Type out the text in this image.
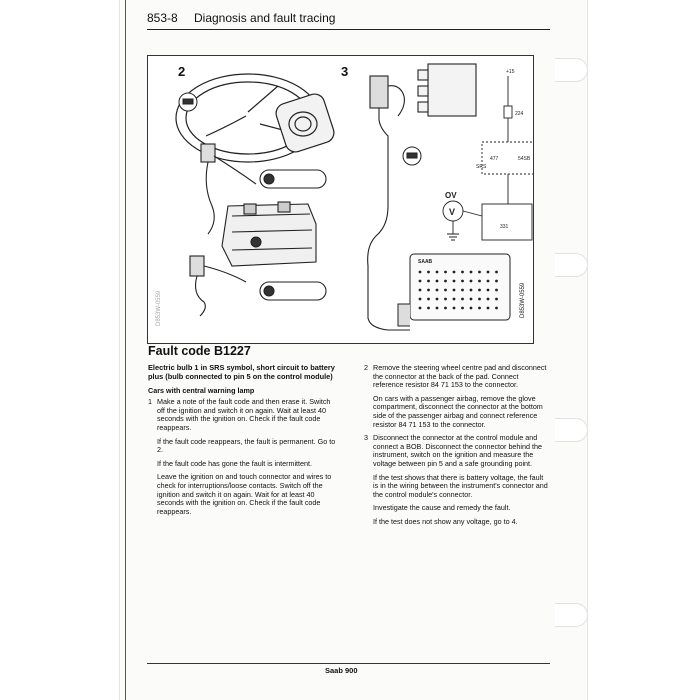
853-8 Diagnosis and fault tracing
2	3	+15
224
SRS
477	54SB
331
OV
V
SAAB
D853W-0559
D853W-0559
Fault code B1227

Electric bulb 1 in SRS symbol, short circuit to battery plus (bulb connected to pin 5 on the control module)

Cars with central warning lamp

1 Make a note of the fault code and then erase it. Switch off the ignition and switch it on again. Wait at least 40 seconds with the ignition on. Check if the fault code reappears.

If the fault code reappears, the fault is permanent. Go to 2.

If the fault code has gone the fault is intermittent.

Leave the ignition on and touch connector and wires to check for interruptions/loose contacts. Switch off the ignition and switch it on again. Wait for at least 40 seconds with the ignition on. Check if the fault code reappears.

2 Remove the steering wheel centre pad and disconnect the connector at the back of the pad. Connect reference resistor 84 71 153 to the connector.

On cars with a passenger airbag, remove the glove compartment, disconnect the connector at the bottom side of the passenger airbag and connect reference resistor 84 71 153 to the connector.

3 Disconnect the connector at the control module and connect a BOB. Disconnect the connector behind the instrument, switch on the ignition and measure the voltage between pin 5 and a safe grounding point.

If the test shows that there is battery voltage, the fault is in the wiring between the instrument's connector and the control module's connector.

Investigate the cause and remedy the fault.

If the test does not show any voltage, go to 4.

Saab 900
